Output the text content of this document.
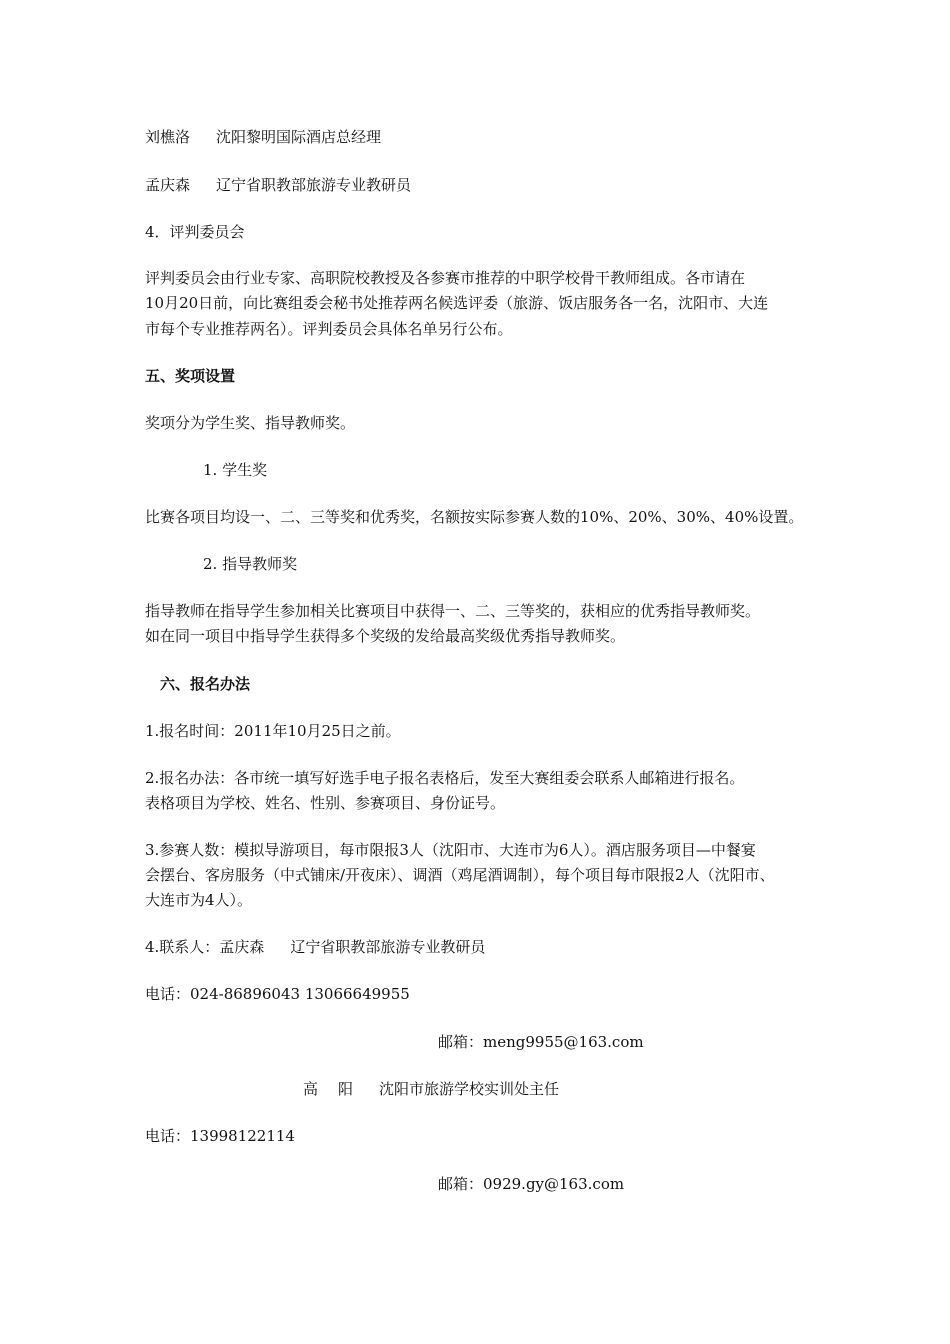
刘樵洛 沈阳黎明国际酒店总经理
孟庆森 辽宁省职教部旅游专业教研员
4．评判委员会
评判委员会由行业专家、高职院校教授及各参赛市推荐的中职学校骨干教师组成。各市请在
10月20日前，向比赛组委会秘书处推荐两名候选评委（旅游、饭店服务各一名，沈阳市、大连
市每个专业推荐两名）。评判委员会具体名单另行公布。
五、奖项设置
奖项分为学生奖、指导教师奖。
1. 学生奖
比赛各项目均设一、二、三等奖和优秀奖，名额按实际参赛人数的10%、20%、30%、40%设置。
2. 指导教师奖
指导教师在指导学生参加相关比赛项目中获得一、二、三等奖的，获相应的优秀指导教师奖。
如在同一项目中指导学生获得多个奖级的发给最高奖级优秀指导教师奖。
六、报名办法
1.报名时间：2011年10月25日之前。
2.报名办法：各市统一填写好选手电子报名表格后，发至大赛组委会联系人邮箱进行报名。
表格项目为学校、姓名、性别、参赛项目、身份证号。
3.参赛人数：模拟导游项目，每市限报3人（沈阳市、大连市为6人）。酒店服务项目—中餐宴
会摆台、客房服务（中式铺床/开夜床）、调酒（鸡尾酒调制），每个项目每市限报2人（沈阳市、
大连市为4人）。
4.联系人：孟庆森 辽宁省职教部旅游专业教研员
电话：024-86896043 13066649955
邮箱：meng9955@163.com
高 阳 沈阳市旅游学校实训处主任
电话：13998122114
邮箱：0929.gy@163.com
